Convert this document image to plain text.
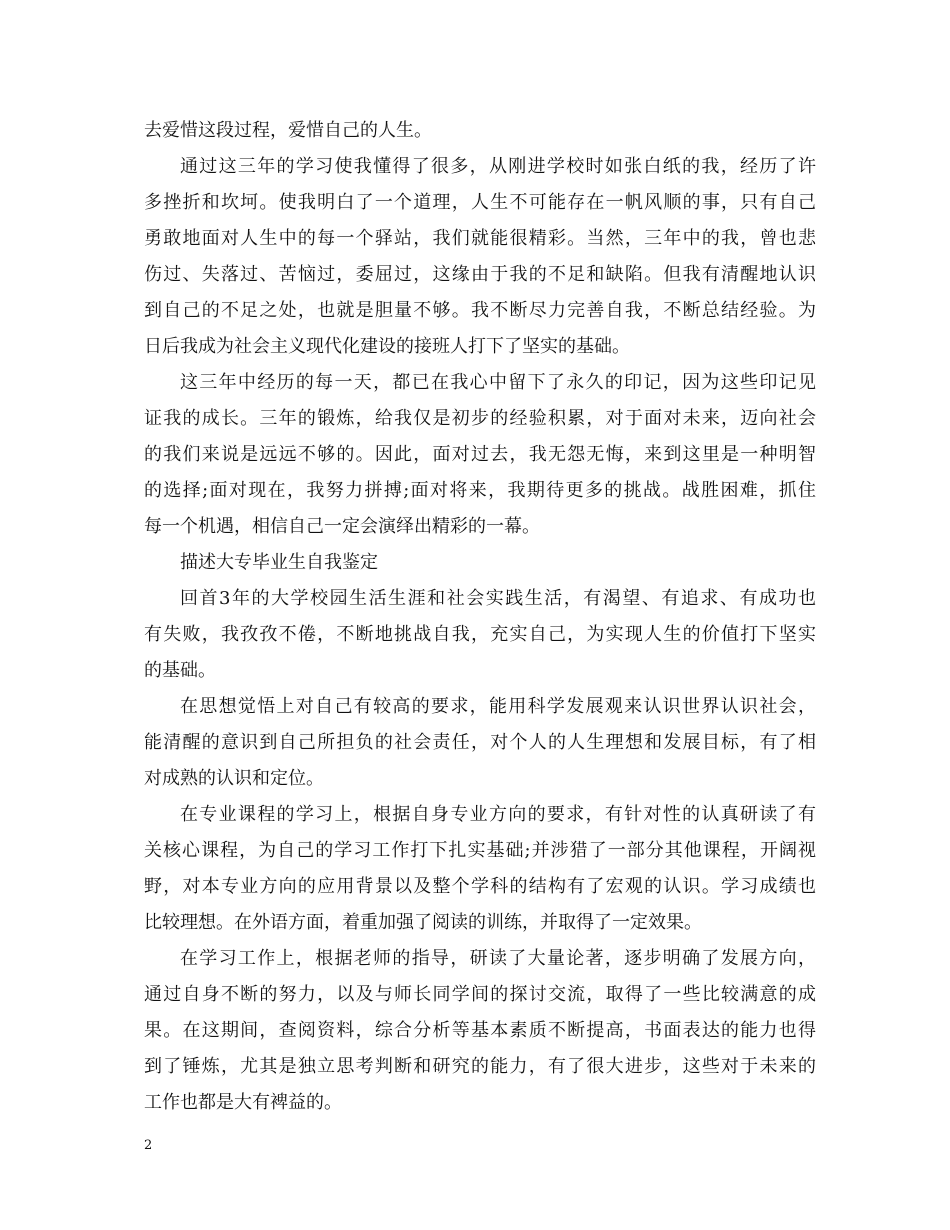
去爱惜这段过程，爱惜自己的人生。
通过这三年的学习使我懂得了很多，从刚进学校时如张白纸的我，经历了许
多挫折和坎坷。使我明白了一个道理，人生不可能存在一帆风顺的事，只有自己
勇敢地面对人生中的每一个驿站，我们就能很精彩。当然，三年中的我，曾也悲
伤过、失落过、苦恼过，委屈过，这缘由于我的不足和缺陷。但我有清醒地认识
到自己的不足之处，也就是胆量不够。我不断尽力完善自我，不断总结经验。为
日后我成为社会主义现代化建设的接班人打下了坚实的基础。
这三年中经历的每一天，都已在我心中留下了永久的印记，因为这些印记见
证我的成长。三年的锻炼，给我仅是初步的经验积累，对于面对未来，迈向社会
的我们来说是远远不够的。因此，面对过去，我无怨无悔，来到这里是一种明智
的选择;面对现在，我努力拼搏;面对将来，我期待更多的挑战。战胜困难，抓住
每一个机遇，相信自己一定会演绎出精彩的一幕。
描述大专毕业生自我鉴定
回首3年的大学校园生活生涯和社会实践生活，有渴望、有追求、有成功也
有失败，我孜孜不倦，不断地挑战自我，充实自己，为实现人生的价值打下坚实
的基础。
在思想觉悟上对自己有较高的要求，能用科学发展观来认识世界认识社会，
能清醒的意识到自己所担负的社会责任，对个人的人生理想和发展目标，有了相
对成熟的认识和定位。
在专业课程的学习上，根据自身专业方向的要求，有针对性的认真研读了有
关核心课程，为自己的学习工作打下扎实基础;并涉猎了一部分其他课程，开阔视
野，对本专业方向的应用背景以及整个学科的结构有了宏观的认识。学习成绩也
比较理想。在外语方面，着重加强了阅读的训练，并取得了一定效果。
在学习工作上，根据老师的指导，研读了大量论著，逐步明确了发展方向，
通过自身不断的努力，以及与师长同学间的探讨交流，取得了一些比较满意的成
果。在这期间，查阅资料，综合分析等基本素质不断提高，书面表达的能力也得
到了锤炼，尤其是独立思考判断和研究的能力，有了很大进步，这些对于未来的
工作也都是大有裨益的。
2
